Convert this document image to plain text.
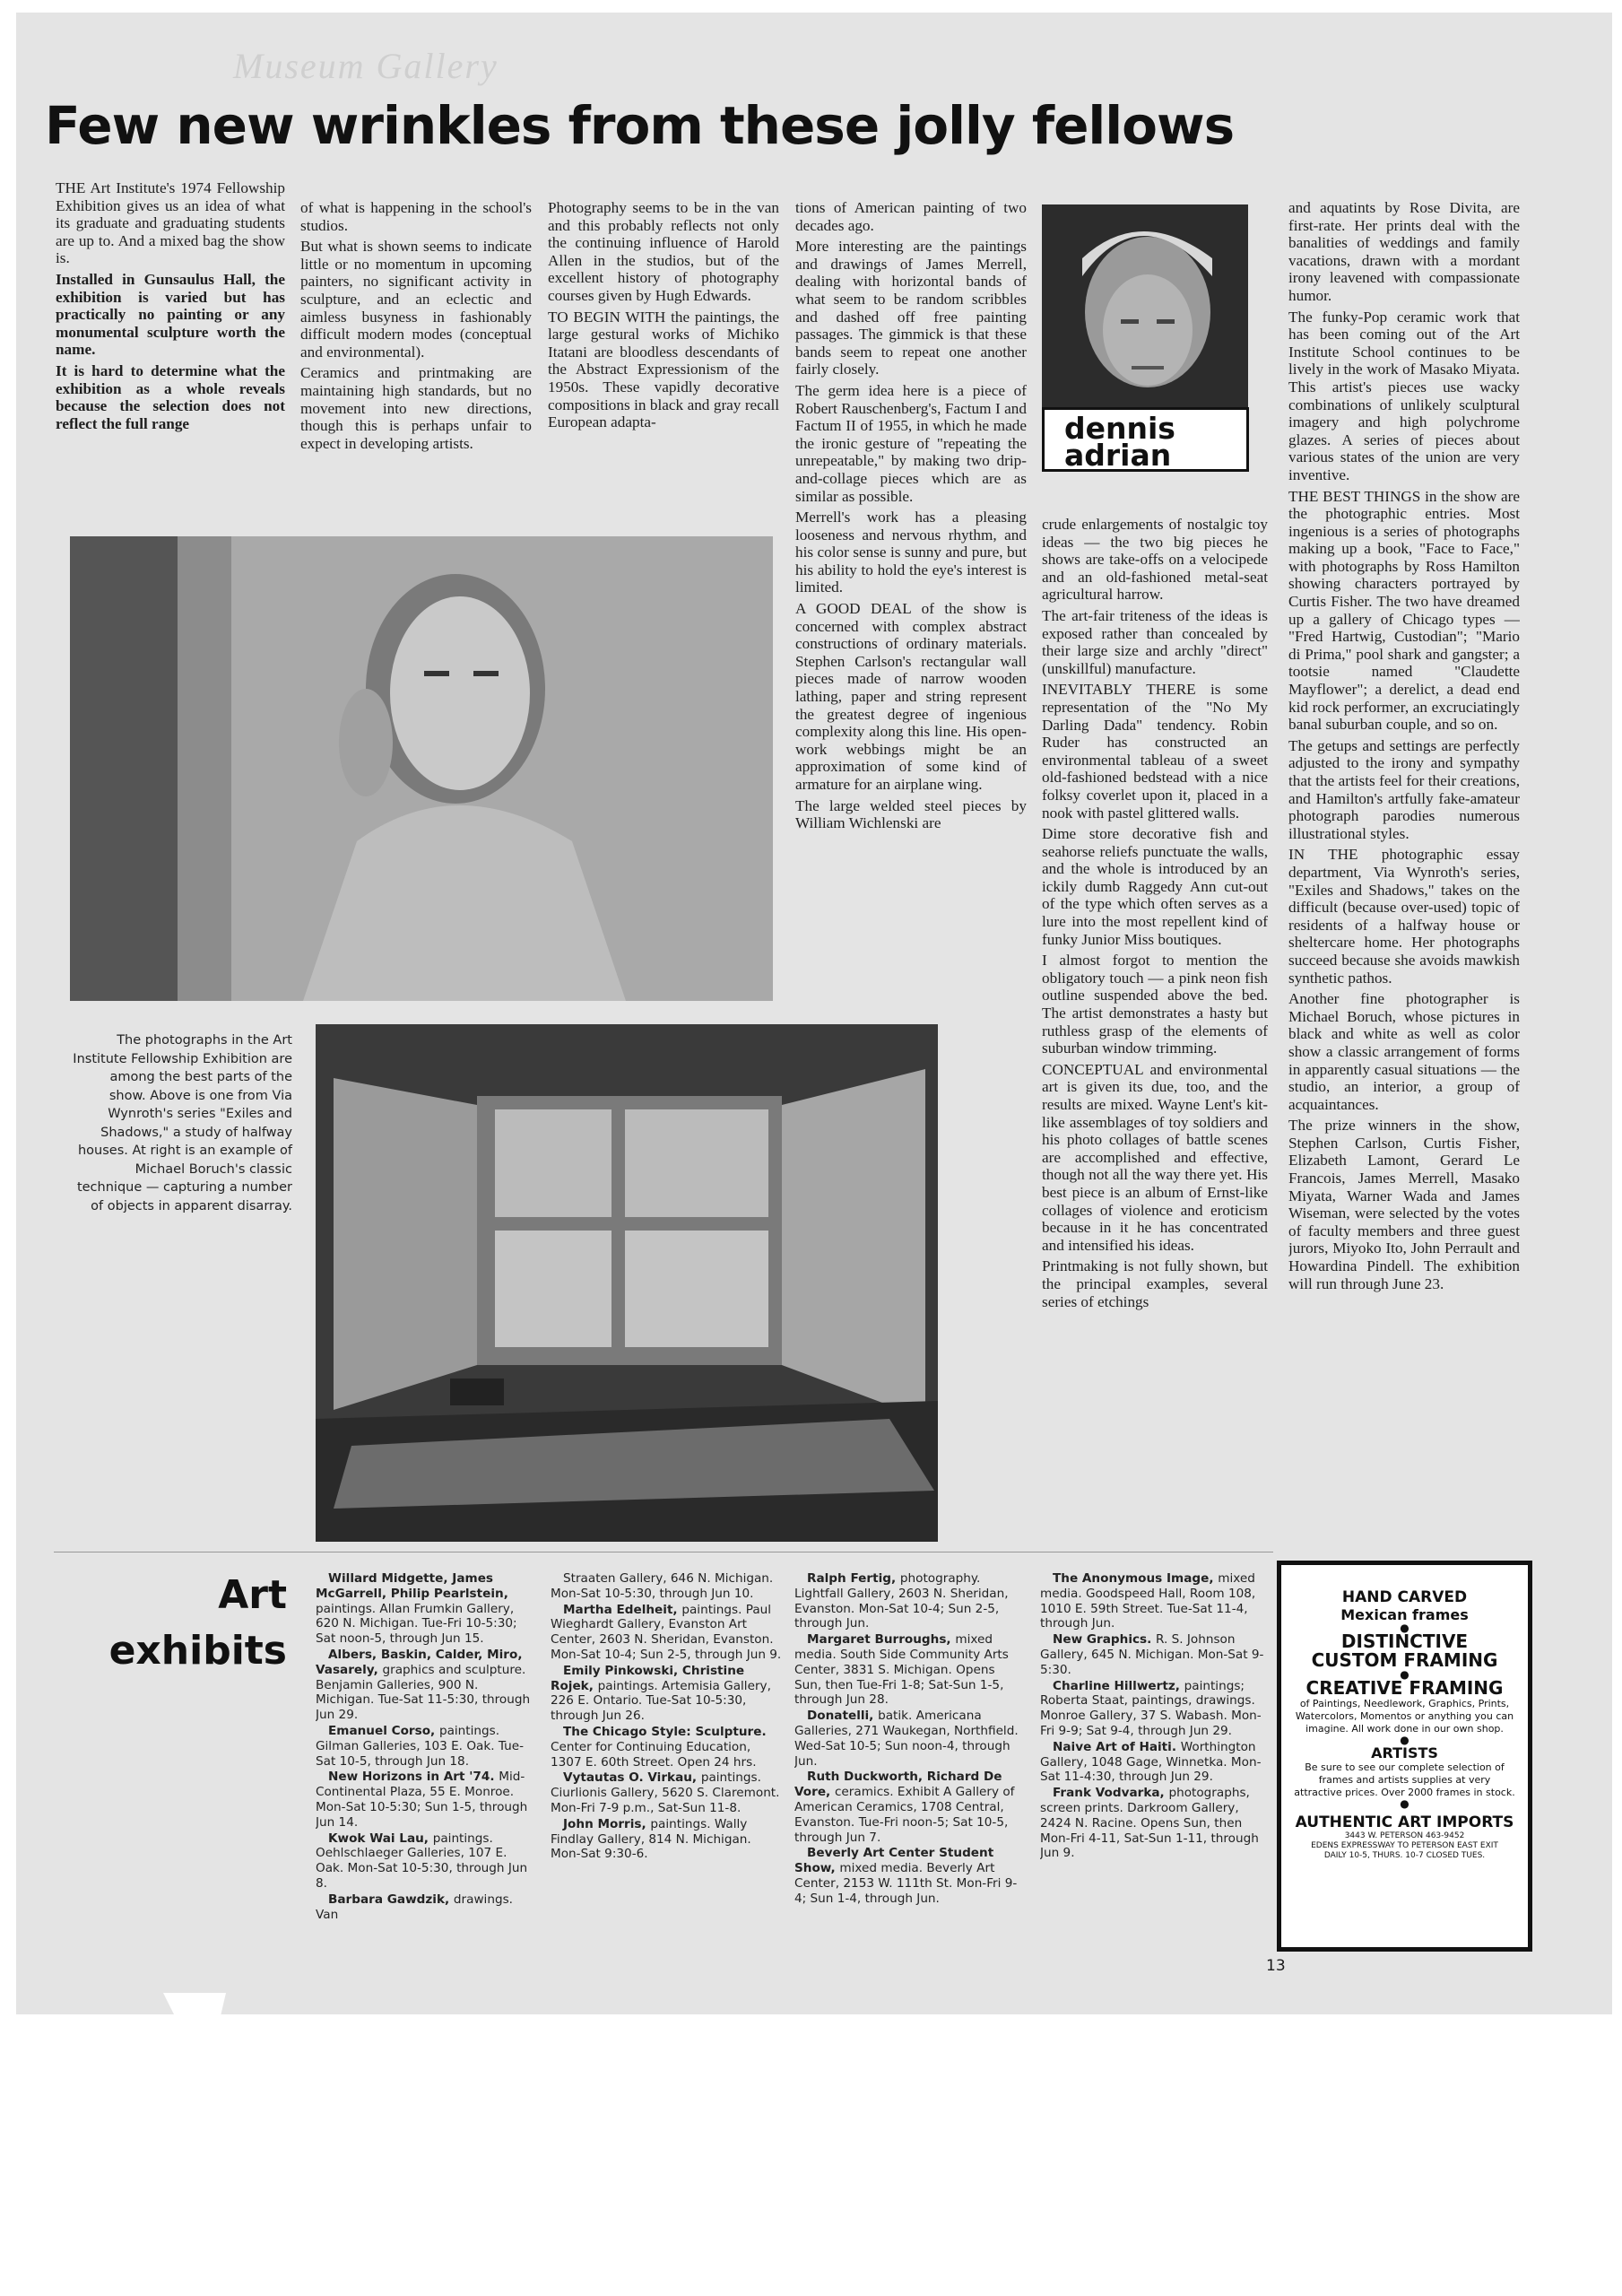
Museum Gallery
Few new wrinkles from these jolly fellows

THE Art Institute's 1974 Fellowship Exhibition gives us an idea of what its graduate and graduating students are up to. And a mixed bag the show is.

Installed in Gunsaulus Hall, the exhibition is varied but has practically no painting or any monumental sculpture worth the name.

It is hard to determine what the exhibition as a whole reveals because the selection does not reflect the full range

of what is happening in the school's studios.

But what is shown seems to indicate little or no momentum in upcoming painters, no significant activity in sculpture, and an eclectic and aimless busyness in fashionably difficult modern modes (conceptual and environmental).

Ceramics and printmaking are maintaining high standards, but no movement into new directions, though this is perhaps unfair to expect in developing artists.

Photography seems to be in the van and this probably reflects not only the continuing influence of Harold Allen in the studios, but of the excellent history of photography courses given by Hugh Edwards.

TO BEGIN WITH the paintings, the large gestural works of Michiko Itatani are bloodless descendants of the Abstract Expressionism of the 1950s. These vapidly decorative compositions in black and gray recall European adapta-

tions of American painting of two decades ago.

More interesting are the paintings and drawings of James Merrell, dealing with horizontal bands of what seem to be random scribbles and dashed off free painting passages. The gimmick is that these bands seem to repeat one another fairly closely.

The germ idea here is a piece of Robert Rauschenberg's, Factum I and Factum II of 1955, in which he made the ironic gesture of "repeating the unrepeatable," by making two drip-and-collage pieces which are as similar as possible.

Merrell's work has a pleasing looseness and nervous rhythm, and his color sense is sunny and pure, but his ability to hold the eye's interest is limited.

A GOOD DEAL of the show is concerned with complex abstract constructions of ordinary materials. Stephen Carlson's rectangular wall pieces made of narrow wooden lathing, paper and string represent the greatest degree of ingenious complexity along this line. His open-work webbings might be an approximation of some kind of armature for an airplane wing.

The large welded steel pieces by William Wichlenski are

dennis
adrian

crude enlargements of nostalgic toy ideas — the two big pieces he shows are take-offs on a velocipede and an old-fashioned metal-seat agricultural harrow.

The art-fair triteness of the ideas is exposed rather than concealed by their large size and archly "direct" (unskillful) manufacture.

INEVITABLY THERE is some representation of the "No My Darling Dada" tendency. Robin Ruder has constructed an environmental tableau of a sweet old-fashioned bedstead with a nice folksy coverlet upon it, placed in a nook with pastel glittered walls.

Dime store decorative fish and seahorse reliefs punctuate the walls, and the whole is introduced by an ickily dumb Raggedy Ann cut-out of the type which often serves as a lure into the most repellent kind of funky Junior Miss boutiques.

I almost forgot to mention the obligatory touch — a pink neon fish outline suspended above the bed. The artist demonstrates a hasty but ruthless grasp of the elements of suburban window trimming.

CONCEPTUAL and environmental art is given its due, too, and the results are mixed. Wayne Lent's kit-like assemblages of toy soldiers and his photo collages of battle scenes are accomplished and effective, though not all the way there yet. His best piece is an album of Ernst-like collages of violence and eroticism because in it he has concentrated and intensified his ideas.

Printmaking is not fully shown, but the principal examples, several series of etchings

and aquatints by Rose Divita, are first-rate. Her prints deal with the banalities of weddings and family vacations, drawn with a mordant irony leavened with compassionate humor.

The funky-Pop ceramic work that has been coming out of the Art Institute School continues to be lively in the work of Masako Miyata. This artist's pieces use wacky combinations of unlikely sculptural imagery and high polychrome glazes. A series of pieces about various states of the union are very inventive.

THE BEST THINGS in the show are the photographic entries. Most ingenious is a series of photographs making up a book, "Face to Face," with photographs by Ross Hamilton showing characters portrayed by Curtis Fisher. The two have dreamed up a gallery of Chicago types — "Fred Hartwig, Custodian"; "Mario di Prima," pool shark and gangster; a tootsie named "Claudette Mayflower"; a derelict, a dead end kid rock performer, an excruciatingly banal suburban couple, and so on.

The getups and settings are perfectly adjusted to the irony and sympathy that the artists feel for their creations, and Hamilton's artfully fake-amateur photograph parodies numerous illustrational styles.

IN THE photographic essay department, Via Wynroth's series, "Exiles and Shadows," takes on the difficult (because over-used) topic of residents of a halfway house or sheltercare home. Her photographs succeed because she avoids mawkish synthetic pathos.

Another fine photographer is Michael Boruch, whose pictures in black and white as well as color show a classic arrangement of forms in apparently casual situations — the studio, an interior, a group of acquaintances.

The prize winners in the show, Stephen Carlson, Curtis Fisher, Elizabeth Lamont, Gerard Le Francois, James Merrell, Masako Miyata, Warner Wada and James Wiseman, were selected by the votes of faculty members and three guest jurors, Miyoko Ito, John Perrault and Howardina Pindell. The exhibition will run through June 23.

The photographs in the Art Institute Fellowship Exhibition are among the best parts of the show. Above is one from Via Wynroth's series "Exiles and Shadows," a study of halfway houses. At right is an example of Michael Boruch's classic technique — capturing a number of objects in apparent disarray.
Art
exhibits

Willard Midgette, James McGarrell, Philip Pearlstein, paintings. Allan Frumkin Gallery, 620 N. Michigan. Tue-Fri 10-5:30; Sat noon-5, through Jun 15.

Albers, Baskin, Calder, Miro, Vasarely, graphics and sculpture. Benjamin Galleries, 900 N. Michigan. Tue-Sat 11-5:30, through Jun 29.

Emanuel Corso, paintings. Gilman Galleries, 103 E. Oak. Tue-Sat 10-5, through Jun 18.

New Horizons in Art '74. Mid-Continental Plaza, 55 E. Monroe. Mon-Sat 10-5:30; Sun 1-5, through Jun 14.

Kwok Wai Lau, paintings. Oehlschlaeger Galleries, 107 E. Oak. Mon-Sat 10-5:30, through Jun 8.

Barbara Gawdzik, drawings. Van

Straaten Gallery, 646 N. Michigan. Mon-Sat 10-5:30, through Jun 10.

Martha Edelheit, paintings. Paul Wieghardt Gallery, Evanston Art Center, 2603 N. Sheridan, Evanston. Mon-Sat 10-4; Sun 2-5, through Jun 9.

Emily Pinkowski, Christine Rojek, paintings. Artemisia Gallery, 226 E. Ontario. Tue-Sat 10-5:30, through Jun 26.

The Chicago Style: Sculpture. Center for Continuing Education, 1307 E. 60th Street. Open 24 hrs.

Vytautas O. Virkau, paintings. Ciurlionis Gallery, 5620 S. Claremont. Mon-Fri 7-9 p.m., Sat-Sun 11-8.

John Morris, paintings. Wally Findlay Gallery, 814 N. Michigan. Mon-Sat 9:30-6.

Ralph Fertig, photography. Lightfall Gallery, 2603 N. Sheridan, Evanston. Mon-Sat 10-4; Sun 2-5, through Jun.

Margaret Burroughs, mixed media. South Side Community Arts Center, 3831 S. Michigan. Opens Sun, then Tue-Fri 1-8; Sat-Sun 1-5, through Jun 28.

Donatelli, batik. Americana Galleries, 271 Waukegan, Northfield. Wed-Sat 10-5; Sun noon-4, through Jun.

Ruth Duckworth, Richard De Vore, ceramics. Exhibit A Gallery of American Ceramics, 1708 Central, Evanston. Tue-Fri noon-5; Sat 10-5, through Jun 7.

Beverly Art Center Student Show, mixed media. Beverly Art Center, 2153 W. 111th St. Mon-Fri 9-4; Sun 1-4, through Jun.

The Anonymous Image, mixed media. Goodspeed Hall, Room 108, 1010 E. 59th Street. Tue-Sat 11-4, through Jun.

New Graphics. R. S. Johnson Gallery, 645 N. Michigan. Mon-Sat 9-5:30.

Charline Hillwertz, paintings; Roberta Staat, paintings, drawings. Monroe Gallery, 37 S. Wabash. Mon-Fri 9-9; Sat 9-4, through Jun 29.

Naive Art of Haiti. Worthington Gallery, 1048 Gage, Winnetka. Mon-Sat 11-4:30, through Jun 29.

Frank Vodvarka, photographs, screen prints. Darkroom Gallery, 2424 N. Racine. Opens Sun, then Mon-Fri 4-11, Sat-Sun 1-11, through Jun 9.

HAND CARVED
Mexican frames
●
DISTINCTIVE
CUSTOM FRAMING
●
CREATIVE FRAMING
of Paintings, Needlework, Graphics, Prints, Watercolors, Momentos or anything you can imagine. All work done in our own shop.
●
ARTISTS
Be sure to see our complete selection of frames and artists supplies at very attractive prices. Over 2000 frames in stock.
●
AUTHENTIC ART IMPORTS
3443 W. PETERSON 463-9452
EDENS EXPRESSWAY TO PETERSON EAST EXIT DAILY 10-5, THURS. 10-7 CLOSED TUES.
13
